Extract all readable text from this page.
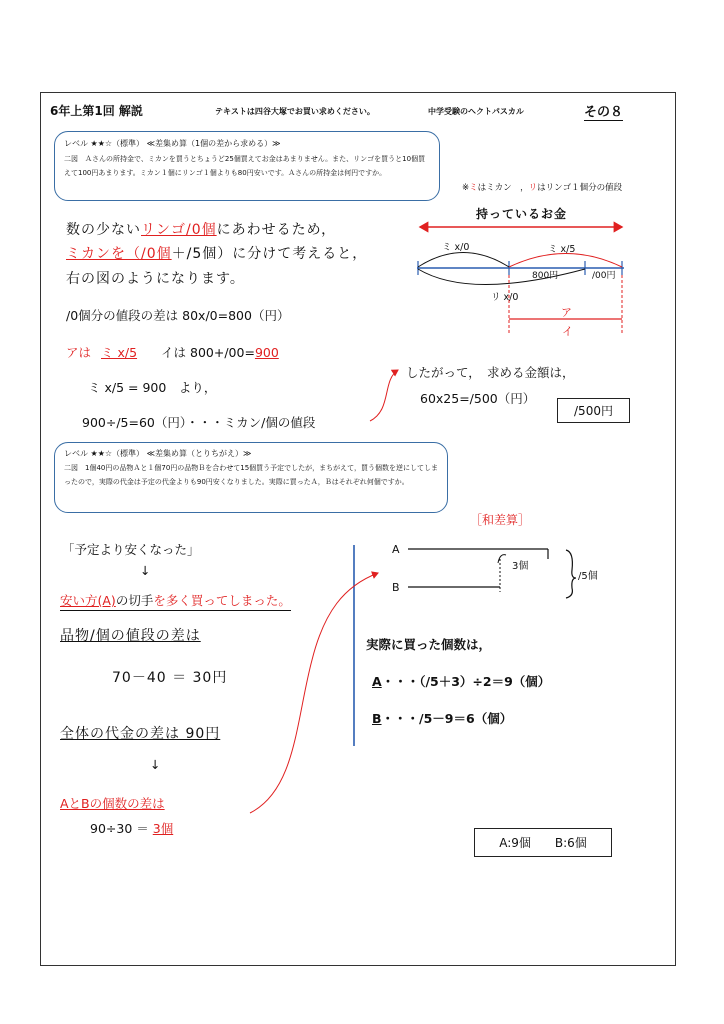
6年上第1回 解説	テキストは四谷大塚でお買い求めください。	中学受験のヘクトパスカル	その８
レベル ★★☆（標準） ≪差集め算（1個の差から求める）≫
二図　Ａさんの所持金で、ミカンを買うとちょうど25個買えてお金はあまりません。また、リンゴを買うと10個買えて100円あまります。ミカン１個にリンゴ１個よりも80円安いです。Ａさんの所持金は何円ですか。
※ミはミカン　，リはリンゴ１個分の値段
数の少ないリンゴ/0個にあわせるため，
ミカンを（/0個＋/5個）に分けて考えると，
右の図のようになります。
/0個分の値段の差は 80x/0=800（円）
アは ミ x/5 イは 800+/00=900
ミ x/5 = 900　より，
900÷/5=60（円）・・・ミカン/個の値段
したがって，　求める金額は，
60x25=/500（円）
/500円
持っているお金
ミ x/0	ミ x/5
800円	/00円
リ x/0
ア
イ
レベル ★★☆（標準） ≪差集め算（とりちがえ）≫
二図　1個40円の品物Ａと１個70円の品物Ｂを合わせて15個買う予定でしたが，まちがえて，買う個数を逆にしてしまったので，実際の代金は予定の代金よりも90円安くなりました。実際に買ったＡ，Ｂはそれぞれ何個ですか。
［和差算］
「予定より安くなった」
↓
安い方(A)の切手を多く買ってしまった。
品物/個の値段の差は
70－40 ＝ 30円
全体の代金の差は 90円
↓
AとBの個数の差は
90÷30 ＝ 3個
A
B
3個
/5個
実際に買った個数は，
A・・・（/5＋3）÷2＝9（個）
B・・・/5－9＝6（個）
A:9個　　B:6個
